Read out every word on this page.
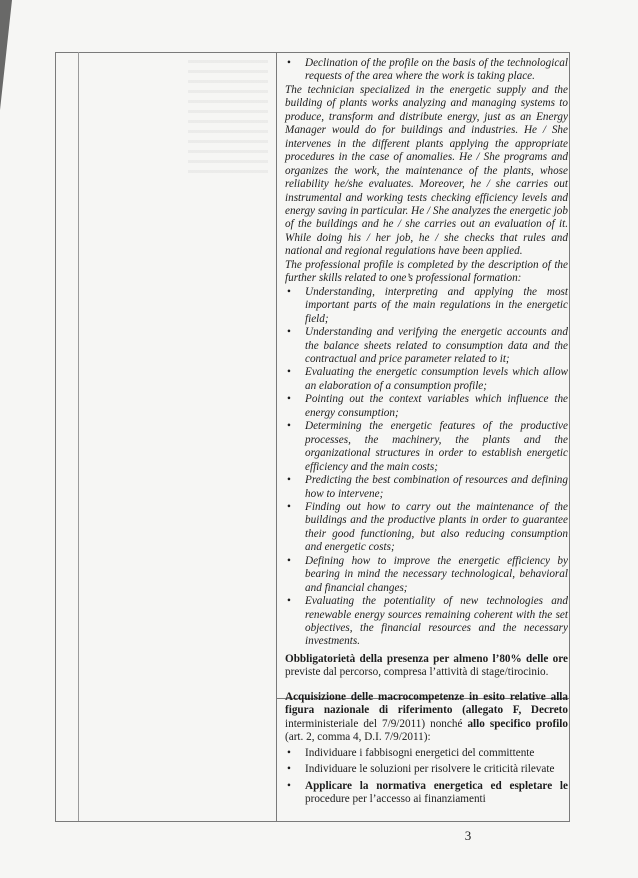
• Declination of the profile on the basis of the technological requests of the area where the work is taking place.

The technician specialized in the energetic supply and the building of plants works analyzing and managing systems to produce, transform and distribute energy, just as an Energy Manager would do for buildings and industries. He / She intervenes in the different plants applying the appropriate procedures in the case of anomalies. He / She programs and organizes the work, the maintenance of the plants, whose reliability he/she evaluates. Moreover, he / she carries out instrumental and working tests checking efficiency levels and energy saving in particular. He / She analyzes the energetic job of the buildings and he / she carries out an evaluation of it. While doing his / her job, he / she checks that rules and national and regional regulations have been applied.

The professional profile is completed by the description of the further skills related to one’s professional formation:

• Understanding, interpreting and applying the most important parts of the main regulations in the energetic field;
• Understanding and verifying the energetic accounts and the balance sheets related to consumption data and the contractual and price parameter related to it;
• Evaluating the energetic consumption levels which allow an elaboration of a consumption profile;
• Pointing out the context variables which influence the energy consumption;
• Determining the energetic features of the productive processes, the machinery, the plants and the organizational structures in order to establish energetic efficiency and the main costs;
• Predicting the best combination of resources and defining how to intervene;
• Finding out how to carry out the maintenance of the buildings and the productive plants in order to guarantee their good functioning, but also reducing consumption and energetic costs;
• Defining how to improve the energetic efficiency by bearing in mind the necessary technological, behavioral and financial changes;
• Evaluating the potentiality of new technologies and renewable energy sources remaining coherent with the set objectives, the financial resources and the necessary investments.

Obbligatorietà della presenza per almeno l’80% delle ore previste dal percorso, compresa l’attività di stage/tirocinio.

Acquisizione delle macrocompetenze in esito relative alla figura nazionale di riferimento (allegato F, Decreto interministeriale del 7/9/2011) nonché allo specifico profilo (art. 2, comma 4, D.I. 7/9/2011):

• Individuare i fabbisogni energetici del committente
• Individuare le soluzioni per risolvere le criticità rilevate
• Applicare la normativa energetica ed espletare le procedure per l’accesso ai finanziamenti
3
